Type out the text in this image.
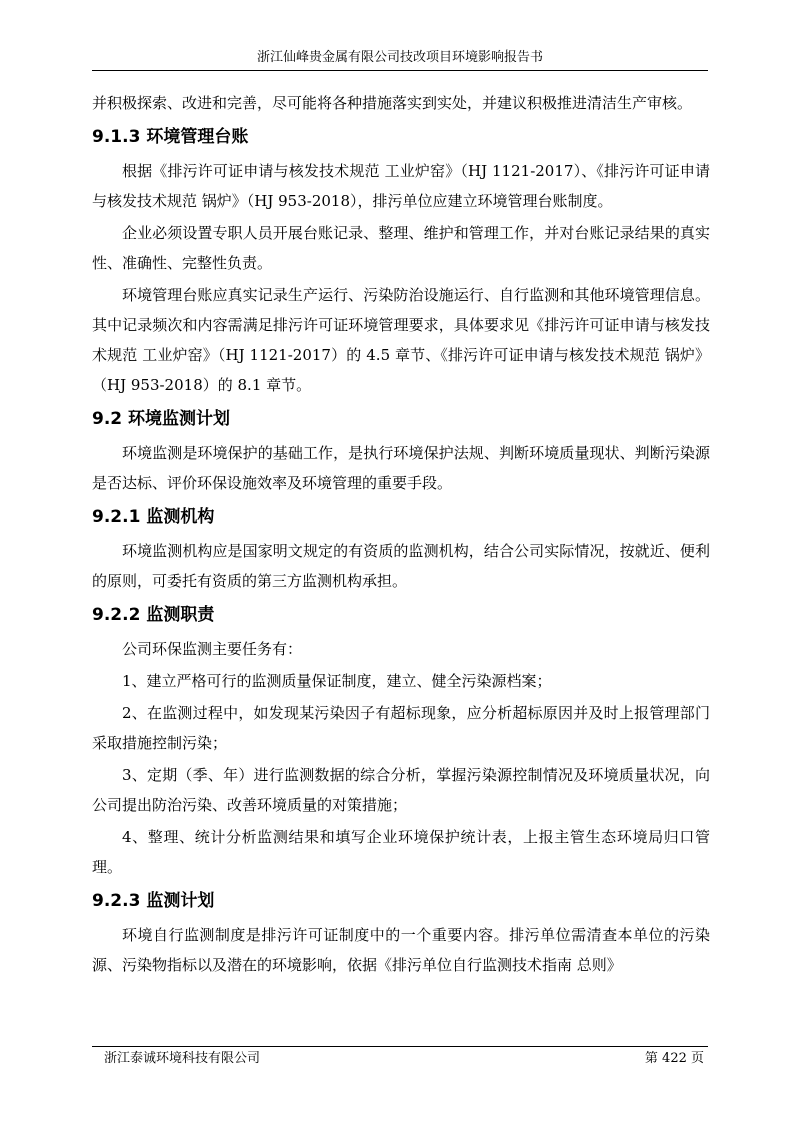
浙江仙峰贵金属有限公司技改项目环境影响报告书

并积极探索、改进和完善，尽可能将各种措施落实到实处，并建议积极推进清洁生产审核。

9.1.3 环境管理台账

根据《排污许可证申请与核发技术规范 工业炉窑》（HJ 1121-2017）、《排污许可证申请与核发技术规范 锅炉》（HJ 953-2018），排污单位应建立环境管理台账制度。

企业必须设置专职人员开展台账记录、整理、维护和管理工作，并对台账记录结果的真实性、准确性、完整性负责。

环境管理台账应真实记录生产运行、污染防治设施运行、自行监测和其他环境管理信息。其中记录频次和内容需满足排污许可证环境管理要求，具体要求见《排污许可证申请与核发技术规范 工业炉窑》（HJ 1121-2017）的 4.5 章节、《排污许可证申请与核发技术规范 锅炉》（HJ 953-2018）的 8.1 章节。

9.2 环境监测计划

环境监测是环境保护的基础工作，是执行环境保护法规、判断环境质量现状、判断污染源是否达标、评价环保设施效率及环境管理的重要手段。

9.2.1 监测机构

环境监测机构应是国家明文规定的有资质的监测机构，结合公司实际情况，按就近、便利的原则，可委托有资质的第三方监测机构承担。

9.2.2 监测职责

公司环保监测主要任务有：

1、建立严格可行的监测质量保证制度，建立、健全污染源档案；

2、在监测过程中，如发现某污染因子有超标现象，应分析超标原因并及时上报管理部门采取措施控制污染；

3、定期（季、年）进行监测数据的综合分析，掌握污染源控制情况及环境质量状况，向公司提出防治污染、改善环境质量的对策措施；

4、整理、统计分析监测结果和填写企业环境保护统计表，上报主管生态环境局归口管理。

9.2.3 监测计划

环境自行监测制度是排污许可证制度中的一个重要内容。排污单位需清查本单位的污染源、污染物指标以及潜在的环境影响，依据《排污单位自行监测技术指南 总则》

浙江泰诚环境科技有限公司	第 422 页
